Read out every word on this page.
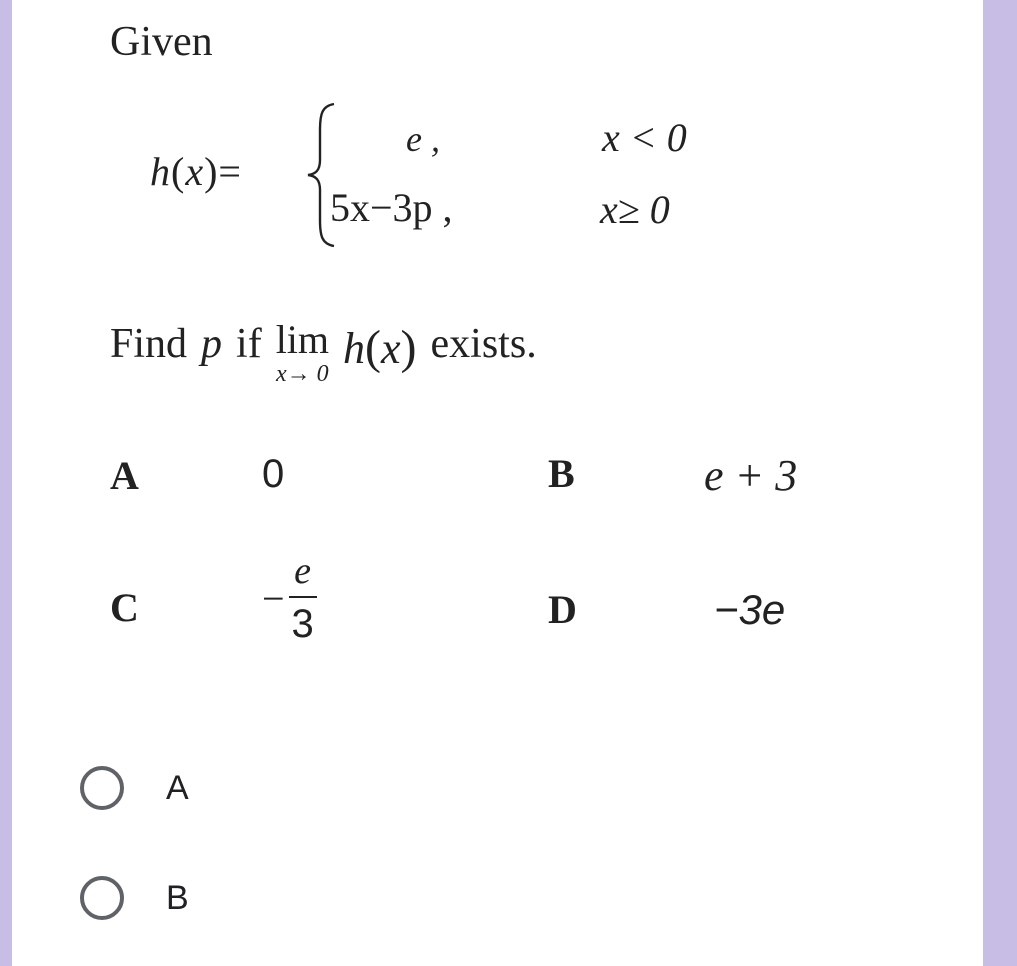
Given
h(x)=
e ,	x < 0
5x−3p ,	x≥ 0
Find p if lim
x→ 0
h(x) exists.
A	0	B	e + 3
C	− $\frac{e}{3}$	D	−3e
A
B
